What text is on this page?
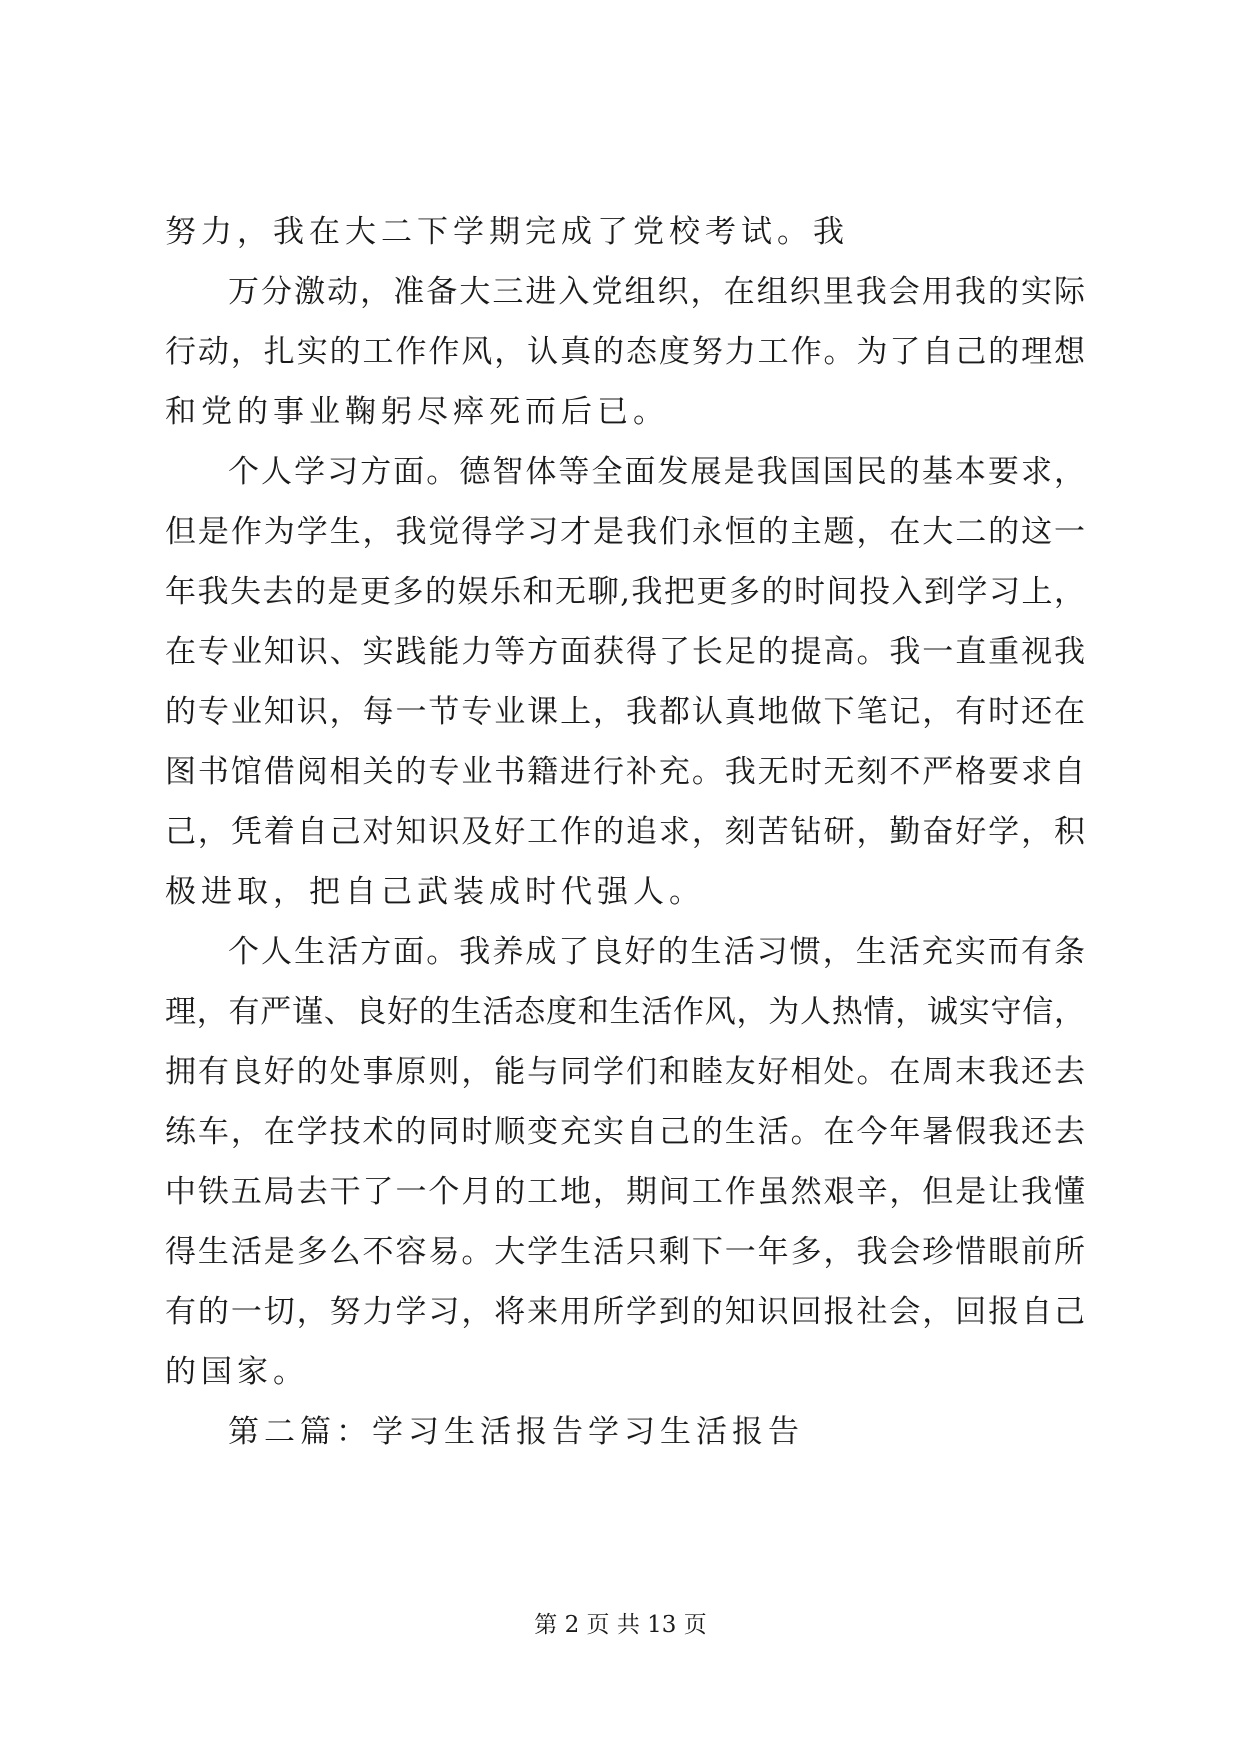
努力，我在大二下学期完成了党校考试。我
万分激动，准备大三进入党组织，在组织里我会用我的实际
行动，扎实的工作作风，认真的态度努力工作。为了自己的理想
和党的事业鞠躬尽瘁死而后已。
个人学习方面。德智体等全面发展是我国国民的基本要求，
但是作为学生，我觉得学习才是我们永恒的主题，在大二的这一
年我失去的是更多的娱乐和无聊,我把更多的时间投入到学习上，
在专业知识、实践能力等方面获得了长足的提高。我一直重视我
的专业知识，每一节专业课上，我都认真地做下笔记，有时还在
图书馆借阅相关的专业书籍进行补充。我无时无刻不严格要求自
己，凭着自己对知识及好工作的追求，刻苦钻研，勤奋好学，积
极进取，把自己武装成时代强人。
个人生活方面。我养成了良好的生活习惯，生活充实而有条
理，有严谨、良好的生活态度和生活作风，为人热情，诚实守信，
拥有良好的处事原则，能与同学们和睦友好相处。在周末我还去
练车，在学技术的同时顺变充实自己的生活。在今年暑假我还去
中铁五局去干了一个月的工地，期间工作虽然艰辛，但是让我懂
得生活是多么不容易。大学生活只剩下一年多，我会珍惜眼前所
有的一切，努力学习，将来用所学到的知识回报社会，回报自己
的国家。
第二篇：学习生活报告学习生活报告
第 2 页 共 13 页
